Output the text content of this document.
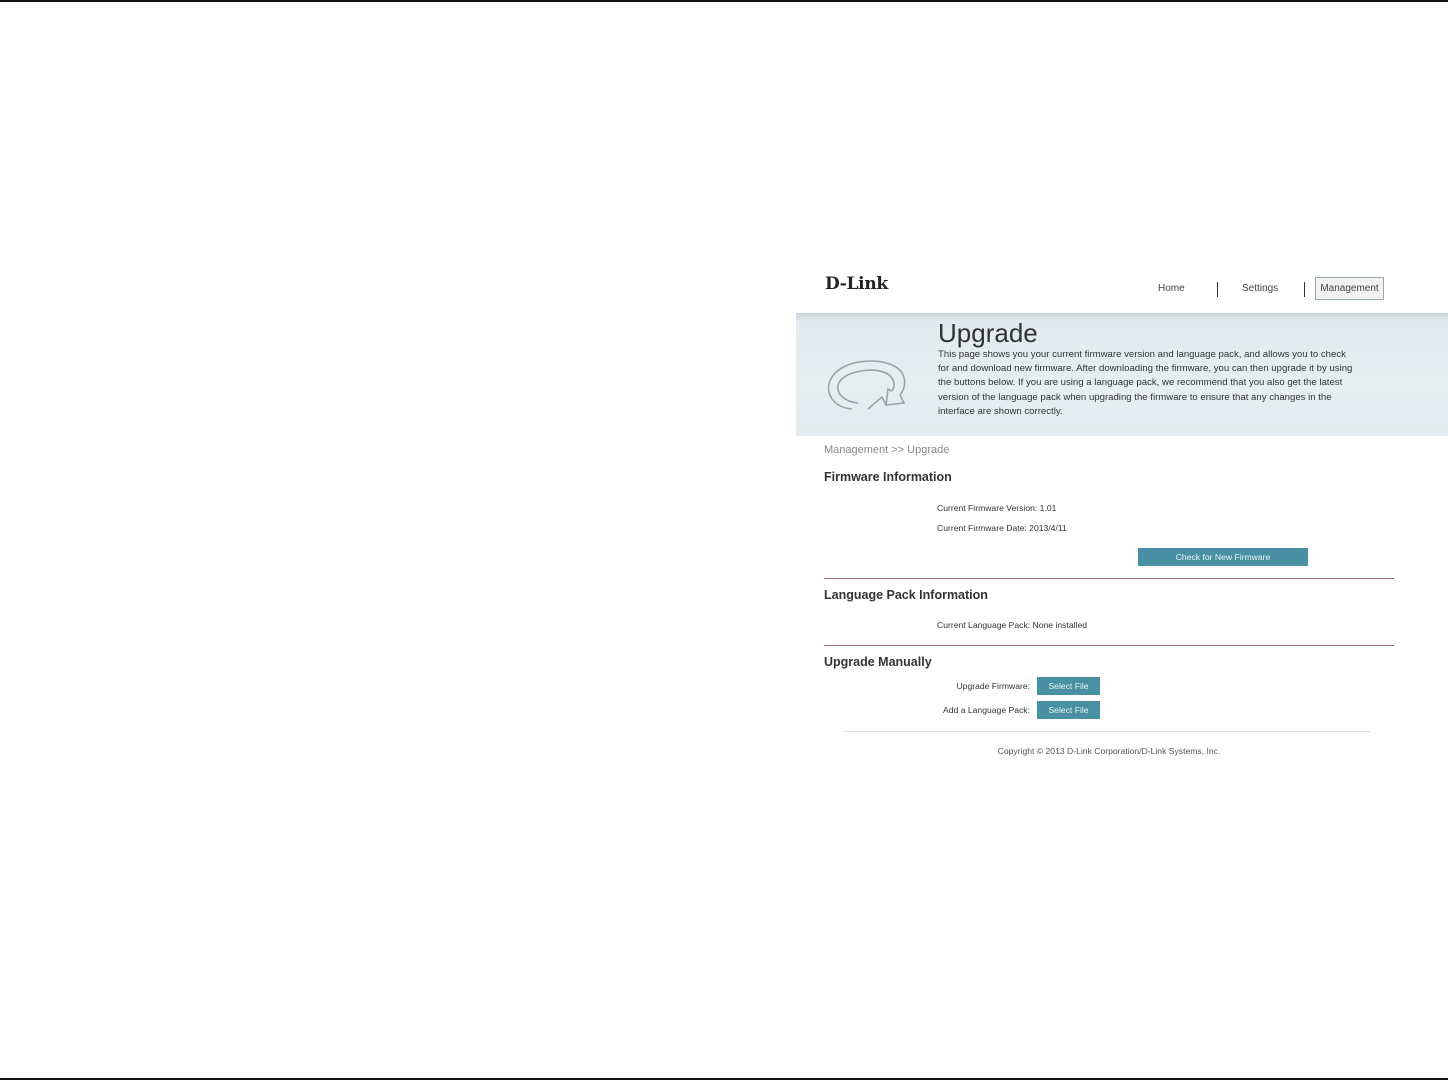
D-Link	Home	Settings	Management
Upgrade
This page shows you your current firmware version and language pack, and allows you to check for and download new firmware. After downloading the firmware, you can then upgrade it by using the buttons below. If you are using a language pack, we recommend that you also get the latest version of the language pack when upgrading the firmware to ensure that any changes in the interface are shown correctly.
Management >> Upgrade
Firmware Information
Current Firmware Version: 1.01
Current Firmware Date: 2013/4/11
Check for New Firmware
Language Pack Information
Current Language Pack: None installed
Upgrade Manually
Upgrade Firmware:	Select File
Add a Language Pack:	Select File
Copyright © 2013 D-Link Corporation/D-Link Systems, Inc.
